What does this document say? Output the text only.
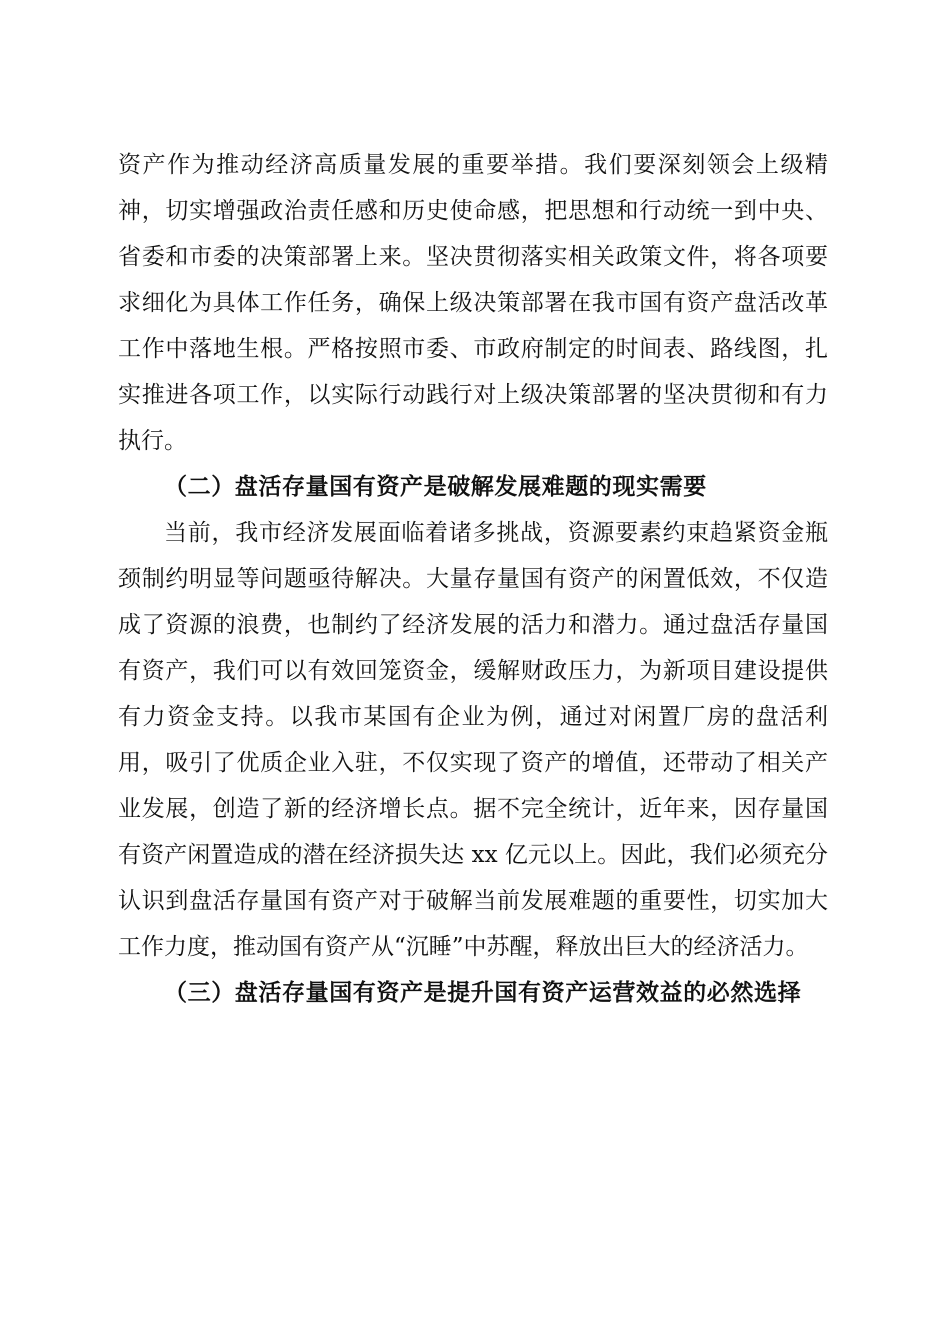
资产作为推动经济高质量发展的重要举措。我们要深刻领会上级精神，切实增强政治责任感和历史使命感，把思想和行动统一到中央、省委和市委的决策部署上来。坚决贯彻落实相关政策文件，将各项要求细化为具体工作任务，确保上级决策部署在我市国有资产盘活改革工作中落地生根。严格按照市委、市政府制定的时间表、路线图，扎实推进各项工作，以实际行动践行对上级决策部署的坚决贯彻和有力执行。

（二）盘活存量国有资产是破解发展难题的现实需要

当前，我市经济发展面临着诸多挑战，资源要素约束趋紧资金瓶颈制约明显等问题亟待解决。大量存量国有资产的闲置低效，不仅造成了资源的浪费，也制约了经济发展的活力和潜力。通过盘活存量国有资产，我们可以有效回笼资金，缓解财政压力，为新项目建设提供有力资金支持。以我市某国有企业为例，通过对闲置厂房的盘活利用，吸引了优质企业入驻，不仅实现了资产的增值，还带动了相关产业发展，创造了新的经济增长点。据不完全统计，近年来，因存量国有资产闲置造成的潜在经济损失达 xx 亿元以上。因此，我们必须充分认识到盘活存量国有资产对于破解当前发展难题的重要性，切实加大工作力度，推动国有资产从“沉睡”中苏醒，释放出巨大的经济活力。

（三）盘活存量国有资产是提升国有资产运营效益的必然选择
